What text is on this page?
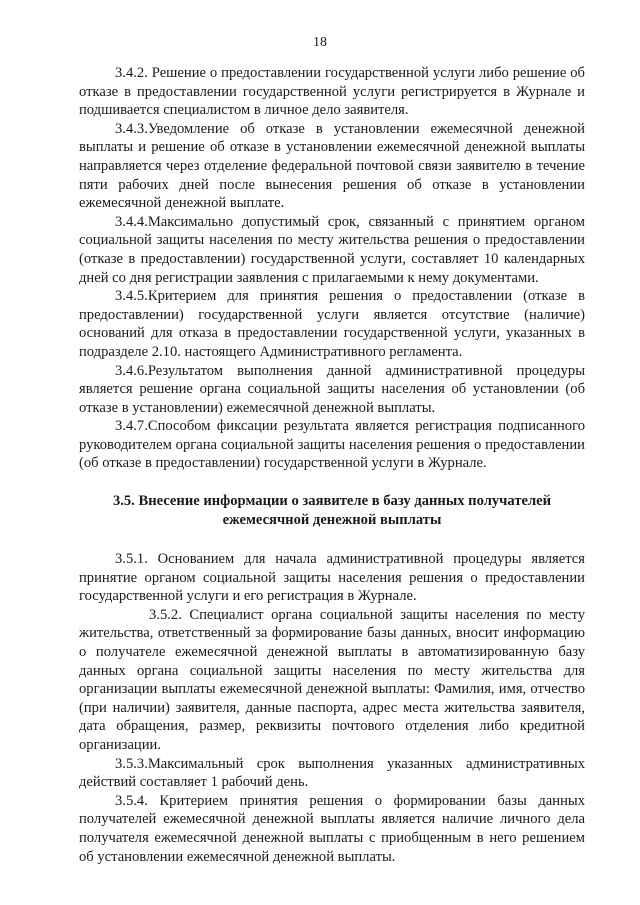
18

3.4.2. Решение о предоставлении государственной услуги либо решение об отказе в предоставлении государственной услуги регистрируется в Журнале и подшивается специалистом в личное дело заявителя.

3.4.3.Уведомление об отказе в установлении ежемесячной денежной выплаты и решение об отказе в установлении ежемесячной денежной выплаты направляется через отделение федеральной почтовой связи заявителю в течение пяти рабочих дней после вынесения решения об отказе в установлении ежемесячной денежной выплате.

3.4.4.Максимально допустимый срок, связанный с принятием органом социальной защиты населения по месту жительства решения о предоставлении (отказе в предоставлении) государственной услуги, составляет 10 календарных дней со дня регистрации заявления с прилагаемыми к нему документами.

3.4.5.Критерием для принятия решения о предоставлении (отказе в предоставлении) государственной услуги является отсутствие (наличие) оснований для отказа в предоставлении государственной услуги, указанных в подразделе 2.10. настоящего Административного регламента.

3.4.6.Результатом выполнения данной административной процедуры является решение органа социальной защиты населения об установлении (об отказе в установлении) ежемесячной денежной выплаты.

3.4.7.Способом фиксации результата является регистрация подписанного руководителем органа социальной защиты населения решения о предоставлении (об отказе в предоставлении) государственной услуги в Журнале.

3.5. Внесение информации о заявителе в базу данных получателей
ежемесячной денежной выплаты

3.5.1. Основанием для начала административной процедуры является принятие органом социальной защиты населения решения о предоставлении государственной услуги и его регистрация в Журнале.

3.5.2. Специалист органа социальной защиты населения по месту жительства, ответственный за формирование базы данных, вносит информацию о получателе ежемесячной денежной выплаты в автоматизированную базу данных органа социальной защиты населения по месту жительства для организации выплаты ежемесячной денежной выплаты: Фамилия, имя, отчество (при наличии) заявителя, данные паспорта, адрес места жительства заявителя, дата обращения, размер, реквизиты почтового отделения либо кредитной организации.

3.5.3.Максимальный срок выполнения указанных административных действий составляет 1 рабочий день.

3.5.4. Критерием принятия решения о формировании базы данных получателей ежемесячной денежной выплаты является наличие личного дела получателя ежемесячной денежной выплаты с приобщенным в него решением об установлении ежемесячной денежной выплаты.
